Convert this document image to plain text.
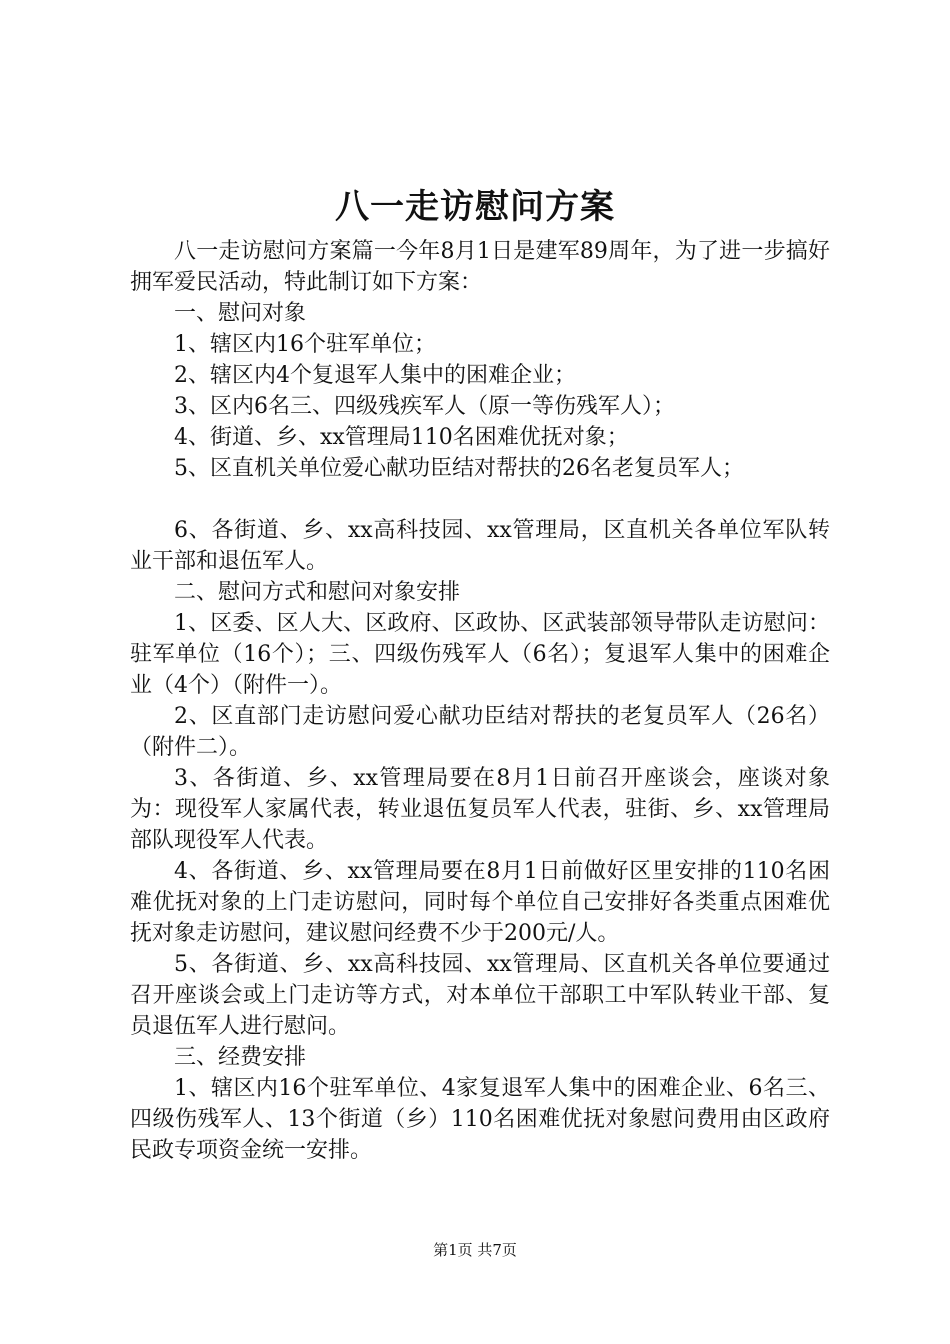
八一走访慰问方案

八一走访慰问方案篇一今年8月1日是建军89周年，为了进一步搞好拥军爱民活动，特此制订如下方案：

一、慰问对象

1、辖区内16个驻军单位；

2、辖区内4个复退军人集中的困难企业；

3、区内6名三、四级残疾军人（原一等伤残军人）；

4、街道、乡、xx管理局110名困难优抚对象；

5、区直机关单位爱心献功臣结对帮扶的26名老复员军人；

6、各街道、乡、xx高科技园、xx管理局，区直机关各单位军队转业干部和退伍军人。

二、慰问方式和慰问对象安排

1、区委、区人大、区政府、区政协、区武装部领导带队走访慰问：驻军单位（16个）；三、四级伤残军人（6名）；复退军人集中的困难企业（4个）（附件一）。

2、区直部门走访慰问爱心献功臣结对帮扶的老复员军人（26名）（附件二）。

3、各街道、乡、xx管理局要在8月1日前召开座谈会，座谈对象为：现役军人家属代表，转业退伍复员军人代表，驻街、乡、xx管理局部队现役军人代表。

4、各街道、乡、xx管理局要在8月1日前做好区里安排的110名困难优抚对象的上门走访慰问，同时每个单位自己安排好各类重点困难优抚对象走访慰问，建议慰问经费不少于200元/人。

5、各街道、乡、xx高科技园、xx管理局、区直机关各单位要通过召开座谈会或上门走访等方式，对本单位干部职工中军队转业干部、复员退伍军人进行慰问。

三、经费安排

1、辖区内16个驻军单位、4家复退军人集中的困难企业、6名三、四级伤残军人、13个街道（乡）110名困难优抚对象慰问费用由区政府民政专项资金统一安排。

第1页 共7页
